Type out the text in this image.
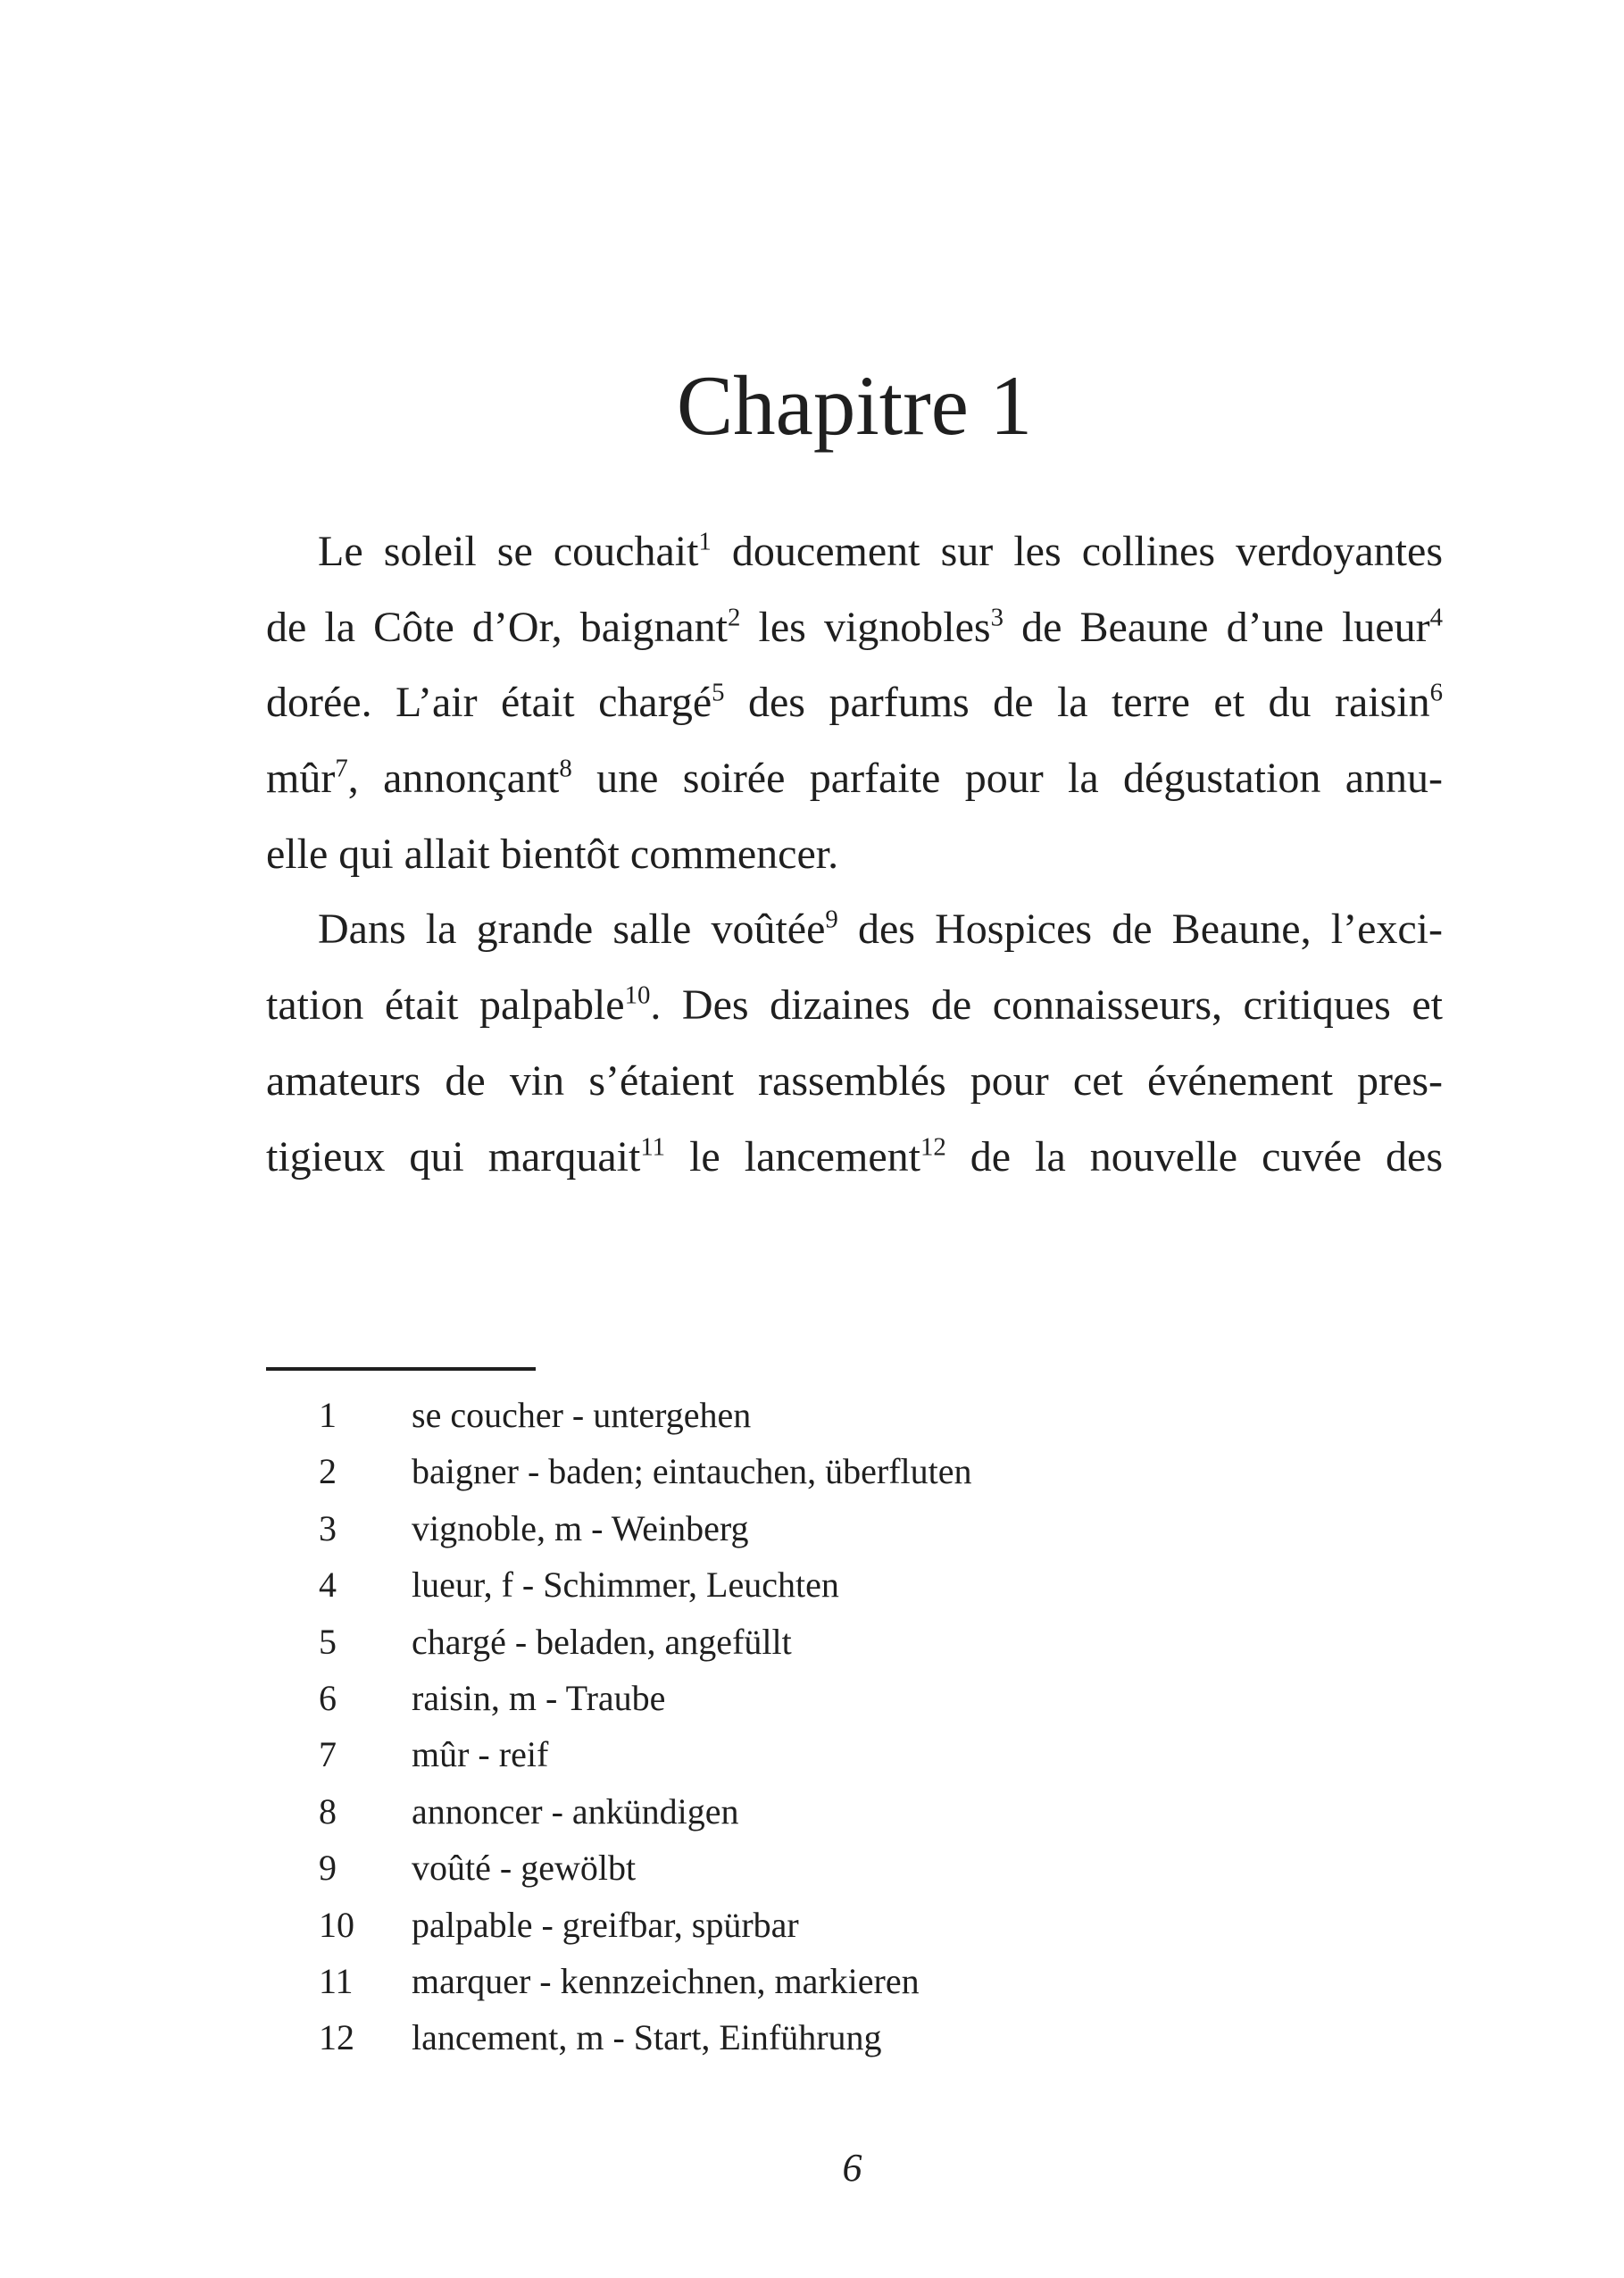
Chapitre 1
Le soleil se couchait$^1$ doucement sur les collines verdoyantes
de la Côte d’Or, baignant$^2$ les vignobles$^3$ de Beaune d’une lueur$^4$
dorée. L’air était chargé$^5$ des parfums de la terre et du raisin$^6$
mûr$^7$, annonçant$^8$ une soirée parfaite pour la dégustation annu-
elle qui allait bientôt commencer.
Dans la grande salle voûtée$^9$ des Hospices de Beaune, l’exci-
tation était palpable$^{10}$. Des dizaines de connaisseurs, critiques et
amateurs de vin s’étaient rassemblés pour cet événement pres-
tigieux qui marquait$^{11}$ le lancement$^{12}$ de la nouvelle cuvée des
1	se coucher - untergehen
2	baigner - baden; eintauchen, überfluten
3	vignoble, m - Weinberg
4	lueur, f - Schimmer, Leuchten
5	chargé - beladen, angefüllt
6	raisin, m - Traube
7	mûr - reif
8	annoncer - ankündigen
9	voûté - gewölbt
10	palpable - greifbar, spürbar
11	marquer - kennzeichnen, markieren
12	lancement, m - Start, Einführung
6
